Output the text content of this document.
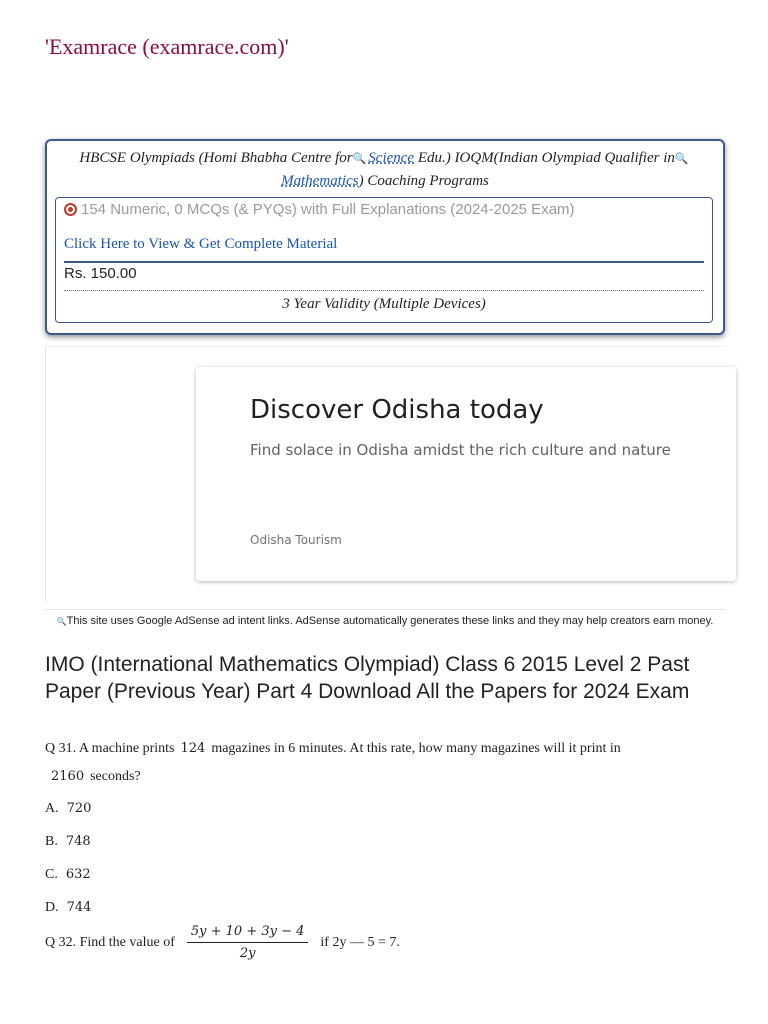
'Examrace (examrace.com)'
HBCSE Olympiads (Homi Bhabha Centre for🔍 Science Edu.) IOQM(Indian Olympiad Qualifier in🔍
Mathematics) Coaching Programs
154 Numeric, 0 MCQs (& PYQs) with Full Explanations (2024-2025 Exam)
Click Here to View & Get Complete Material
Rs. 150.00
3 Year Validity (Multiple Devices)
Discover Odisha today
Find solace in Odisha amidst the rich culture and nature
Odisha Tourism
🔍This site uses Google AdSense ad intent links. AdSense automatically generates these links and they may help creators earn money.
IMO (International Mathematics Olympiad) Class 6 2015 Level 2 Past Paper (Previous Year) Part 4 Download All the Papers for 2024 Exam
Q 31. A machine prints 124 magazines in 6 minutes. At this rate, how many magazines will it print in
2160 seconds?
A. 720
B. 748
C. 632
D. 744
Q 32. Find the value of $\frac{5y + 10 + 3y - 4}{2y}$ if 2y — 5 = 7.
